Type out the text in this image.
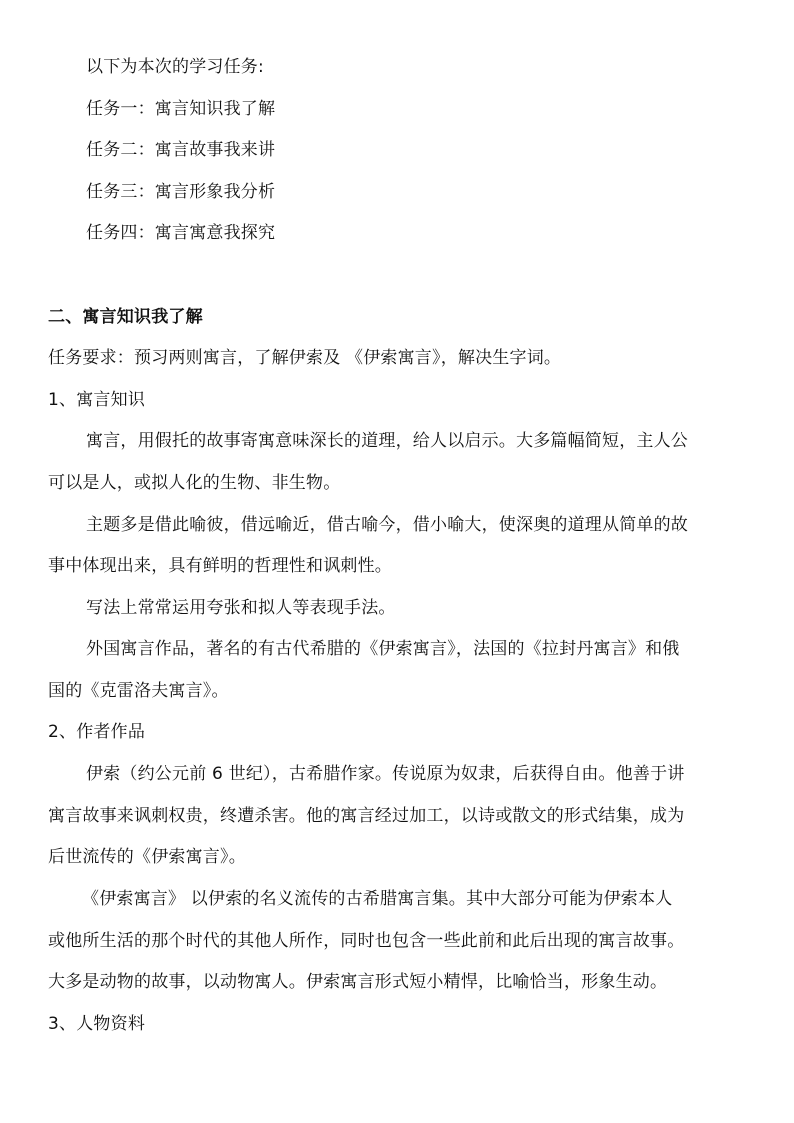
以下为本次的学习任务:
任务一：寓言知识我了解
任务二：寓言故事我来讲
任务三：寓言形象我分析
任务四：寓言寓意我探究
二、寓言知识我了解
任务要求：预习两则寓言，了解伊索及 《伊索寓言》，解决生字词。
1、寓言知识
寓言，用假托的故事寄寓意味深长的道理，给人以启示。大多篇幅简短，主人公
可以是人，或拟人化的生物、非生物。
主题多是借此喻彼，借远喻近，借古喻今，借小喻大，使深奥的道理从简单的故
事中体现出来，具有鲜明的哲理性和讽刺性。
写法上常常运用夸张和拟人等表现手法。
外国寓言作品，著名的有古代希腊的《伊索寓言》，法国的《拉封丹寓言》和俄
国的《克雷洛夫寓言》。
2、作者作品
伊索（约公元前 6 世纪），古希腊作家。传说原为奴隶，后获得自由。他善于讲
寓言故事来讽刺权贵，终遭杀害。他的寓言经过加工，以诗或散文的形式结集，成为
后世流传的《伊索寓言》。
《伊索寓言》 以伊索的名义流传的古希腊寓言集。其中大部分可能为伊索本人
或他所生活的那个时代的其他人所作，同时也包含一些此前和此后出现的寓言故事。
大多是动物的故事，以动物寓人。伊索寓言形式短小精悍，比喻恰当，形象生动。
3、人物资料
